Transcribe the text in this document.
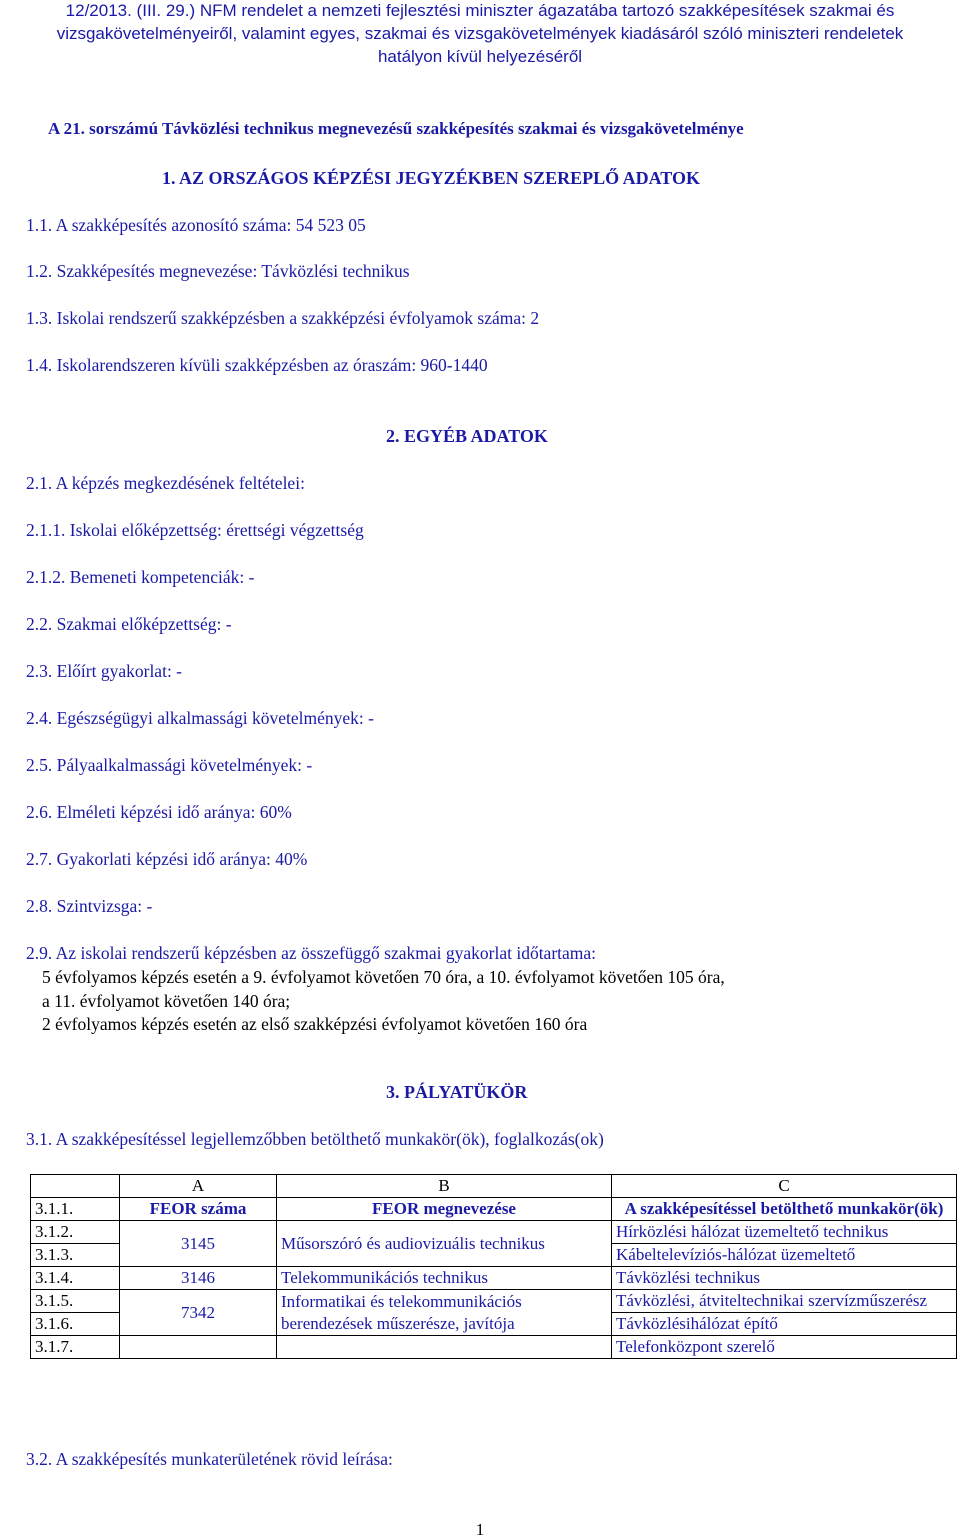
12/2013. (III. 29.) NFM rendelet a nemzeti fejlesztési miniszter ágazatába tartozó szakképesítések szakmai és
vizsgakövetelményeiről, valamint egyes, szakmai és vizsgakövetelmények kiadásáról szóló miniszteri rendeletek
hatályon kívül helyezéséről
A 21. sorszámú Távközlési technikus megnevezésű szakképesítés szakmai és vizsgakövetelménye
1. AZ ORSZÁGOS KÉPZÉSI JEGYZÉKBEN SZEREPLŐ ADATOK
1.1. A szakképesítés azonosító száma: 54 523 05
1.2. Szakképesítés megnevezése: Távközlési technikus
1.3. Iskolai rendszerű szakképzésben a szakképzési évfolyamok száma: 2
1.4. Iskolarendszeren kívüli szakképzésben az óraszám: 960-1440
2. EGYÉB ADATOK
2.1. A képzés megkezdésének feltételei:
2.1.1. Iskolai előképzettség: érettségi végzettség
2.1.2. Bemeneti kompetenciák: -
2.2. Szakmai előképzettség: -
2.3. Előírt gyakorlat: -
2.4. Egészségügyi alkalmassági követelmények: -
2.5. Pályaalkalmassági követelmények: -
2.6. Elméleti képzési idő aránya: 60%
2.7. Gyakorlati képzési idő aránya: 40%
2.8. Szintvizsga: -
2.9. Az iskolai rendszerű képzésben az összefüggő szakmai gyakorlat időtartama:
5 évfolyamos képzés esetén a 9. évfolyamot követően 70 óra, a 10. évfolyamot követően 105 óra,
a 11. évfolyamot követően 140 óra;
2 évfolyamos képzés esetén az első szakképzési évfolyamot követően 160 óra
3. PÁLYATÜKÖR
3.1. A szakképesítéssel legjellemzőbben betölthető munkakör(ök), foglalkozás(ok)
	A	B	C
3.1.1.	FEOR száma	FEOR megnevezése	A szakképesítéssel betölthető munkakör(ök)
3.1.2.	3145	Műsorszóró és audiovizuális technikus	Hírközlési hálózat üzemeltető technikus
3.1.3.			Kábeltelevíziós-hálózat üzemeltető
3.1.4.	3146	Telekommunikációs technikus	Távközlési technikus
3.1.5.	7342	Informatikai és telekommunikációs berendezések műszerésze, javítója	Távközlési, átviteltechnikai szervízműszerész
3.1.6.			Távközlésihálózat építő
3.1.7.			Telefonközpont szerelő
3.2. A szakképesítés munkaterületének rövid leírása:
1
